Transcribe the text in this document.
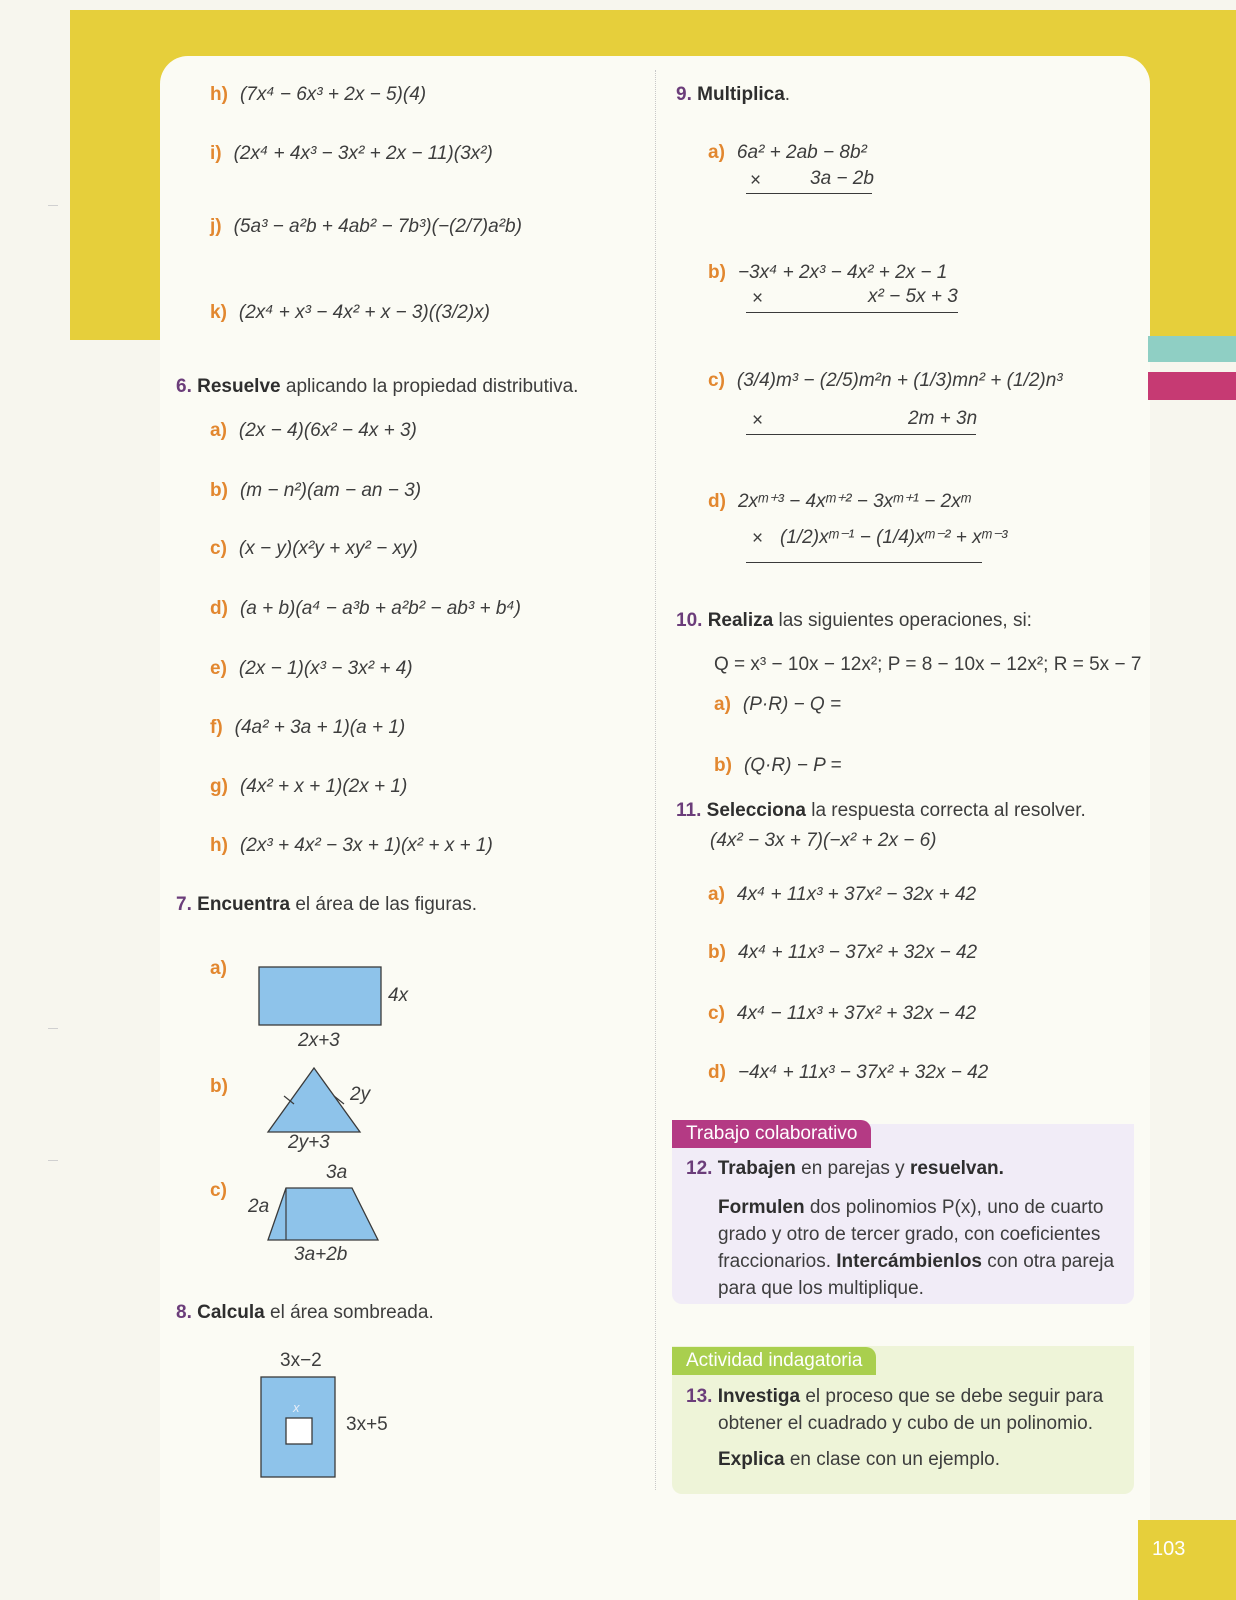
h) (7x⁴ − 6x³ + 2x − 5)(4)
i) (2x⁴ + 4x³ − 3x² + 2x − 11)(3x²)
j) (5a³ − a²b + 4ab² − 7b³)(−(2/7)a²b)
k) (2x⁴ + x³ − 4x² + x − 3)((3/2)x)
6. Resuelve aplicando la propiedad distributiva.
a) (2x − 4)(6x² − 4x + 3)
b) (m − n²)(am − an − 3)
c) (x − y)(x²y + xy² − xy)
d) (a + b)(a⁴ − a³b + a²b² − ab³ + b⁴)
e) (2x − 1)(x³ − 3x² + 4)
f) (4a² + 3a + 1)(a + 1)
g) (4x² + x + 1)(2x + 1)
h) (2x³ + 4x² − 3x + 1)(x² + x + 1)
7. Encuentra el área de las figuras.
a)
4x
2x+3
b)	2y
2y+3
3a
c)
2a
3a+2b
8. Calcula el área sombreada.
3x−2
x
3x+5
9. Multiplica.
a) 6a² + 2ab − 8b²
×	3a − 2b
b) −3x⁴ + 2x³ − 4x² + 2x − 1
×	x² − 5x + 3
c) (3/4)m³ − (2/5)m²n + (1/3)mn² + (1/2)n³
×	2m + 3n
d) 2xᵐ⁺³ − 4xᵐ⁺² − 3xᵐ⁺¹ − 2xᵐ
× (1/2)xᵐ⁻¹ − (1/4)xᵐ⁻² + xᵐ⁻³
10. Realiza las siguientes operaciones, si:
Q = x³ − 10x − 12x²; P = 8 − 10x − 12x²; R = 5x − 7
a) (P·R) − Q =
b) (Q·R) − P =
11. Selecciona la respuesta correcta al resolver.
(4x² − 3x + 7)(−x² + 2x − 6)
a) 4x⁴ + 11x³ + 37x² − 32x + 42
b) 4x⁴ + 11x³ − 37x² + 32x − 42
c) 4x⁴ − 11x³ + 37x² + 32x − 42
d) −4x⁴ + 11x³ − 37x² + 32x − 42
Trabajo colaborativo
12. Trabajen en parejas y resuelvan.
Formulen dos polinomios P(x), uno de cuarto grado y otro de tercer grado, con coeficientes fraccionarios. Intercámbienlos con otra pareja para que los multiplique.
Actividad indagatoria
13. Investiga el proceso que se debe seguir para obtener el cuadrado y cubo de un polinomio.
Explica en clase con un ejemplo.
103
